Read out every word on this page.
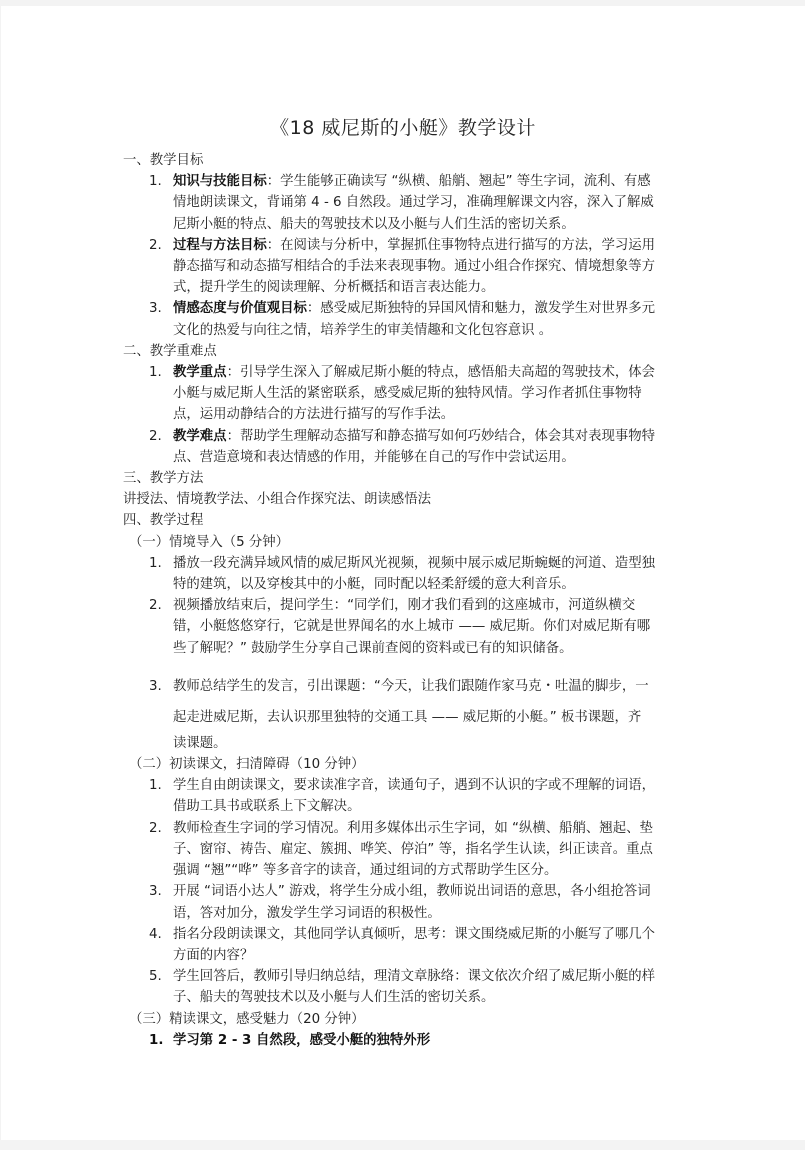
《18 威尼斯的小艇》教学设计
一、教学目标
1. 知识与技能目标：学生能够正确读写 “纵横、船艄、翘起” 等生字词，流利、有感
情地朗读课文，背诵第 4 - 6 自然段。通过学习，准确理解课文内容，深入了解威
尼斯小艇的特点、船夫的驾驶技术以及小艇与人们生活的密切关系。
2. 过程与方法目标：在阅读与分析中，掌握抓住事物特点进行描写的方法，学习运用
静态描写和动态描写相结合的手法来表现事物。通过小组合作探究、情境想象等方
式，提升学生的阅读理解、分析概括和语言表达能力。
3. 情感态度与价值观目标：感受威尼斯独特的异国风情和魅力，激发学生对世界多元
文化的热爱与向往之情，培养学生的审美情趣和文化包容意识 。
二、教学重难点
1. 教学重点：引导学生深入了解威尼斯小艇的特点，感悟船夫高超的驾驶技术，体会
小艇与威尼斯人生活的紧密联系，感受威尼斯的独特风情。学习作者抓住事物特
点，运用动静结合的方法进行描写的写作手法。
2. 教学难点：帮助学生理解动态描写和静态描写如何巧妙结合，体会其对表现事物特
点、营造意境和表达情感的作用，并能够在自己的写作中尝试运用。
三、教学方法
讲授法、情境教学法、小组合作探究法、朗读感悟法
四、教学过程
（一）情境导入（5 分钟）
1. 播放一段充满异域风情的威尼斯风光视频，视频中展示威尼斯蜿蜒的河道、造型独
特的建筑，以及穿梭其中的小艇，同时配以轻柔舒缓的意大利音乐。
2. 视频播放结束后，提问学生：“同学们，刚才我们看到的这座城市，河道纵横交
错，小艇悠悠穿行，它就是世界闻名的水上城市 —— 威尼斯。你们对威尼斯有哪
些了解呢？” 鼓励学生分享自己课前查阅的资料或已有的知识储备。
3. 教师总结学生的发言，引出课题：“今天，让我们跟随作家马克・吐温的脚步，一
起走进威尼斯，去认识那里独特的交通工具 —— 威尼斯的小艇。” 板书课题，齐
读课题。
（二）初读课文，扫清障碍（10 分钟）
1. 学生自由朗读课文，要求读准字音，读通句子，遇到不认识的字或不理解的词语，
借助工具书或联系上下文解决。
2. 教师检查生字词的学习情况。利用多媒体出示生字词，如 “纵横、船艄、翘起、垫
子、窗帘、祷告、雇定、簇拥、哗笑、停泊” 等，指名学生认读，纠正读音。重点
强调 “翘”“哗” 等多音字的读音，通过组词的方式帮助学生区分。
3. 开展 “词语小达人” 游戏，将学生分成小组，教师说出词语的意思，各小组抢答词
语，答对加分，激发学生学习词语的积极性。
4. 指名分段朗读课文，其他同学认真倾听，思考：课文围绕威尼斯的小艇写了哪几个
方面的内容？
5. 学生回答后，教师引导归纳总结，理清文章脉络：课文依次介绍了威尼斯小艇的样
子、船夫的驾驶技术以及小艇与人们生活的密切关系。
（三）精读课文，感受魅力（20 分钟）
1. 学习第 2 - 3 自然段，感受小艇的独特外形
